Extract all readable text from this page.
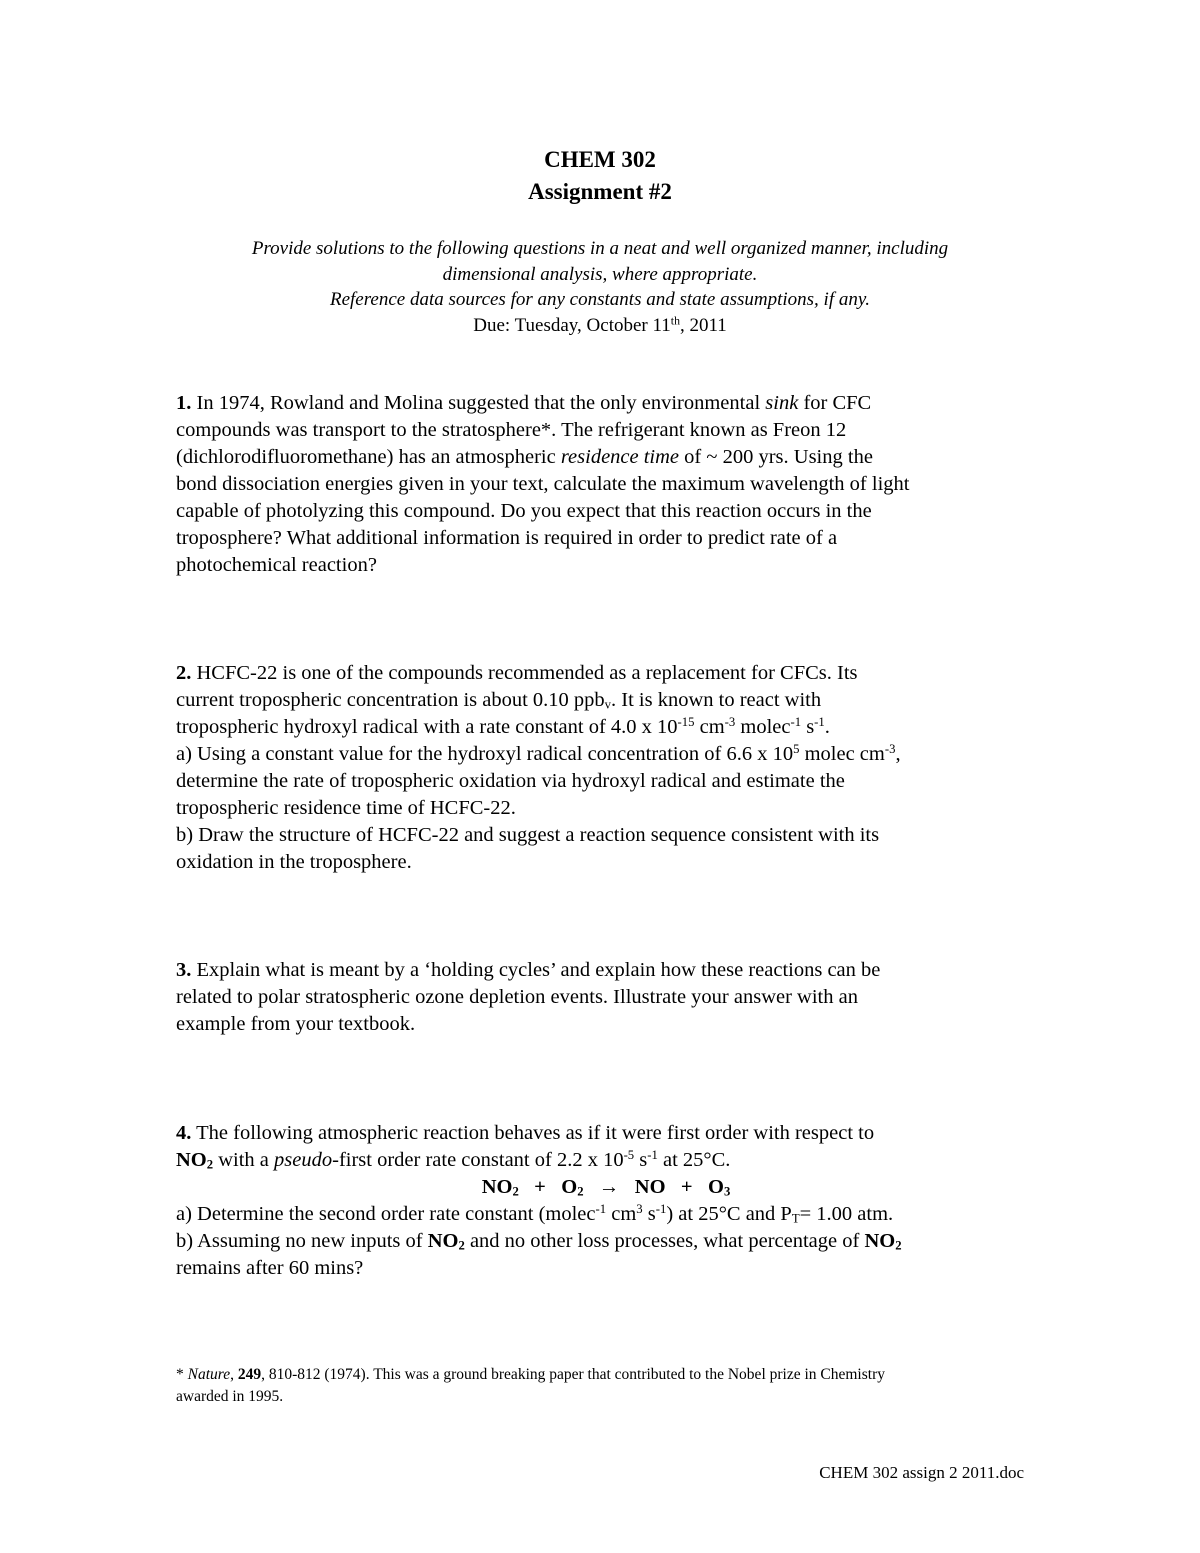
CHEM 302
Assignment #2
Provide solutions to the following questions in a neat and well organized manner, including
dimensional analysis, where appropriate.
Reference data sources for any constants and state assumptions, if any.
Due: Tuesday, October 11th, 2011
1. In 1974, Rowland and Molina suggested that the only environmental sink for CFC
compounds was transport to the stratosphere*. The refrigerant known as Freon 12
(dichlorodifluoromethane) has an atmospheric residence time of ~ 200 yrs. Using the
bond dissociation energies given in your text, calculate the maximum wavelength of light
capable of photolyzing this compound. Do you expect that this reaction occurs in the
troposphere? What additional information is required in order to predict rate of a
photochemical reaction?
2. HCFC-22 is one of the compounds recommended as a replacement for CFCs. Its
current tropospheric concentration is about 0.10 ppb$_v$. It is known to react with
tropospheric hydroxyl radical with a rate constant of 4.0 x $10^{-15}$ $cm^{-3}$ molec$^{-1}$ $s^{-1}$.
a) Using a constant value for the hydroxyl radical concentration of 6.6 x $10^5$ molec $cm^{-3}$,
determine the rate of tropospheric oxidation via hydroxyl radical and estimate the
tropospheric residence time of HCFC-22.
b) Draw the structure of HCFC-22 and suggest a reaction sequence consistent with its
oxidation in the troposphere.
3. Explain what is meant by a ‘holding cycles’ and explain how these reactions can be
related to polar stratospheric ozone depletion events. Illustrate your answer with an
example from your textbook.
4. The following atmospheric reaction behaves as if it were first order with respect to
$NO_2$ with a pseudo-first order rate constant of 2.2 x $10^{-5}$ $s^{-1}$ at 25°C.
$NO_2 + O_2$   →   NO   +   $O_3$
a) Determine the second order rate constant (molec$^{-1}$ $cm^3$ $s^{-1}$) at 25°C and $P_T= 1.00$ atm.
b) Assuming no new inputs of $NO_2$ and no other loss processes, what percentage of $NO_2$
remains after 60 mins?
* Nature, 249, 810-812 (1974). This was a ground breaking paper that contributed to the Nobel prize in Chemistry
awarded in 1995.
CHEM 302 assign 2 2011.doc
